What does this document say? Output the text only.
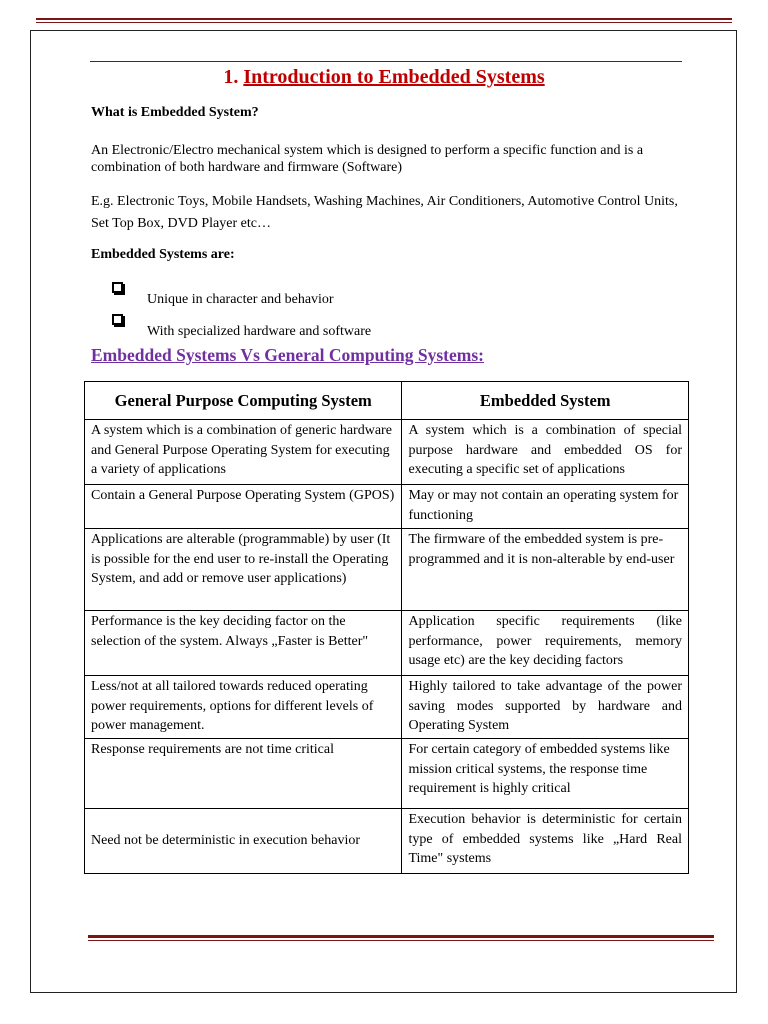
1. Introduction to Embedded Systems
What is Embedded System?
An Electronic/Electro mechanical system which is designed to perform a specific function and is a combination of both hardware and firmware (Software)
E.g. Electronic Toys, Mobile Handsets, Washing Machines, Air Conditioners, Automotive Control Units, Set Top Box, DVD Player etc…
Embedded Systems are:
Unique in character and behavior
With specialized hardware and software
Embedded Systems Vs General Computing Systems:
General Purpose Computing System	Embedded System
A system which is a combination of generic hardware and General Purpose Operating System for executing a variety of applications	A system which is a combination of special purpose hardware and embedded OS for executing a specific set of applications
Contain a General Purpose Operating System (GPOS)	May or may not contain an operating system for functioning
Applications are alterable (programmable) by user (It is possible for the end user to re-install the Operating System, and add or remove user applications)	The firmware of the embedded system is pre-programmed and it is non-alterable by end-user
Performance is the key deciding factor on the selection of the system. Always „Faster is Better"	Application specific requirements (like performance, power requirements, memory usage etc) are the key deciding factors
Less/not at all tailored towards reduced operating power requirements, options for different levels of power management.	Highly tailored to take advantage of the power saving modes supported by hardware and Operating System
Response requirements are not time critical	For certain category of embedded systems like mission critical systems, the response time requirement is highly critical
Need not be deterministic in execution behavior	Execution behavior is deterministic for certain type of embedded systems like „Hard Real Time" systems
